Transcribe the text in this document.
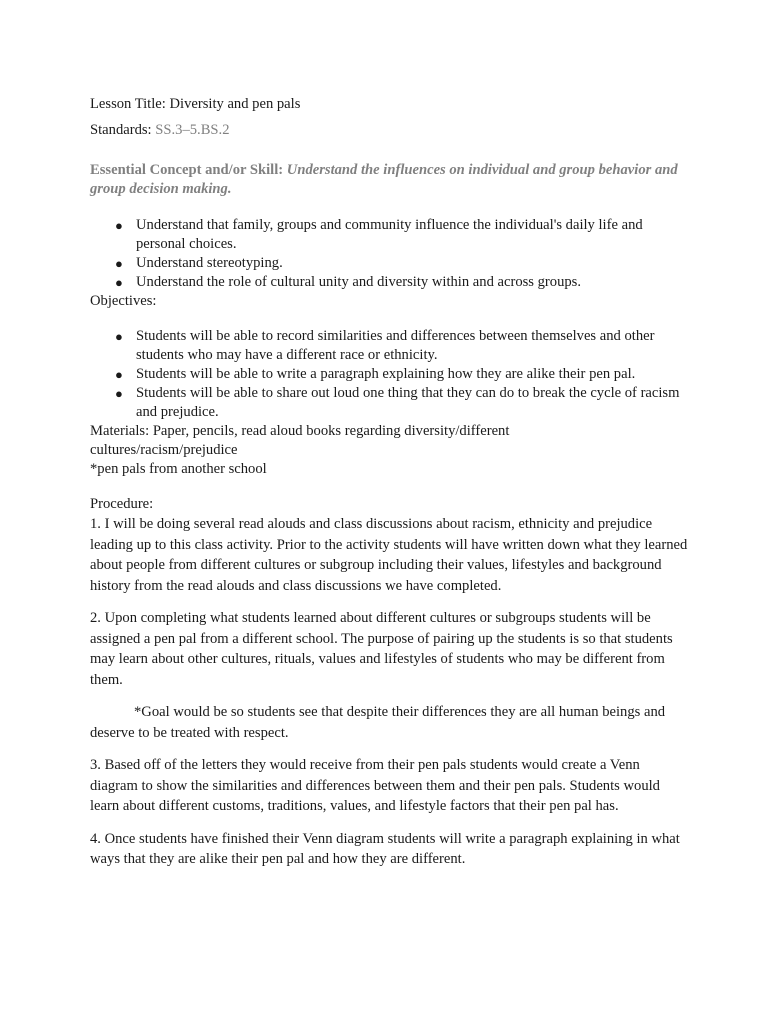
Lesson Title: Diversity and pen pals

Standards: SS.3–5.BS.2

Essential Concept and/or Skill: Understand the influences on individual and group behavior and group decision making.

● Understand that family, groups and community influence the individual's daily life and personal choices.
● Understand stereotyping.
● Understand the role of cultural unity and diversity within and across groups.

Objectives:

● Students will be able to record similarities and differences between themselves and other students who may have a different race or ethnicity.
● Students will be able to write a paragraph explaining how they are alike their pen pal.
● Students will be able to share out loud one thing that they can do to break the cycle of racism and prejudice.

Materials: Paper, pencils, read aloud books regarding diversity/different

cultures/racism/prejudice

*pen pals from another school

Procedure:

1. I will be doing several read alouds and class discussions about racism, ethnicity and prejudice leading up to this class activity. Prior to the activity students will have written down what they learned about people from different cultures or subgroup including their values, lifestyles and background history from the read alouds and class discussions we have completed.

2. Upon completing what students learned about different cultures or subgroups students will be assigned a pen pal from a different school. The purpose of pairing up the students is so that students may learn about other cultures, rituals, values and lifestyles of students who may be different from them.

*Goal would be so students see that despite their differences they are all human beings and deserve to be treated with respect.

3. Based off of the letters they would receive from their pen pals students would create a Venn diagram to show the similarities and differences between them and their pen pals. Students would learn about different customs, traditions, values, and lifestyle factors that their pen pal has.

4. Once students have finished their Venn diagram students will write a paragraph explaining in what ways that they are alike their pen pal and how they are different.
